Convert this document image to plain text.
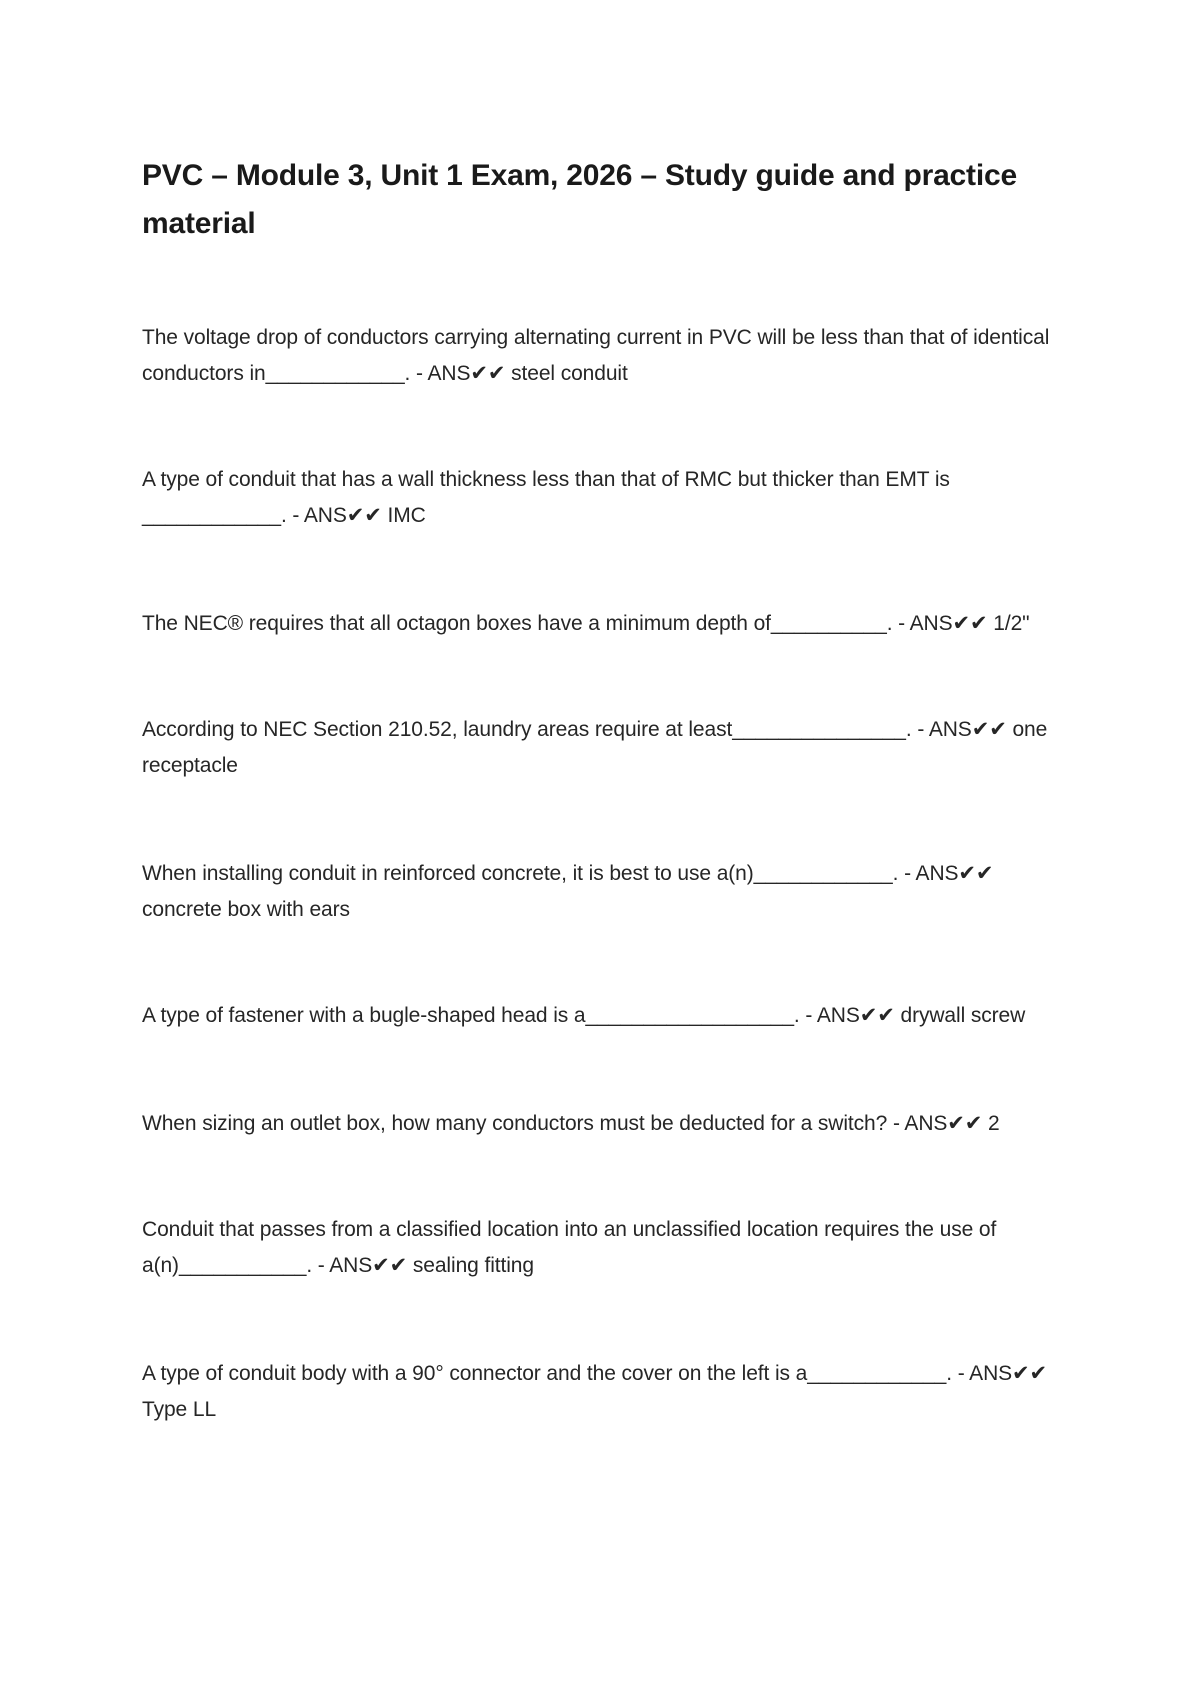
PVC – Module 3, Unit 1 Exam, 2026 – Study guide and practice material

The voltage drop of conductors carrying alternating current in PVC will be less than that of identical conductors in____________. - ANS✔✔ steel conduit

A type of conduit that has a wall thickness less than that of RMC but thicker than EMT is ____________. - ANS✔✔ IMC

The NEC® requires that all octagon boxes have a minimum depth of__________. - ANS✔✔ 1/2"

According to NEC Section 210.52, laundry areas require at least_______________. - ANS✔✔ one receptacle

When installing conduit in reinforced concrete, it is best to use a(n)____________. - ANS✔✔ concrete box with ears

A type of fastener with a bugle-shaped head is a__________________. - ANS✔✔ drywall screw

When sizing an outlet box, how many conductors must be deducted for a switch? - ANS✔✔ 2

Conduit that passes from a classified location into an unclassified location requires the use of a(n)___________. - ANS✔✔ sealing fitting

A type of conduit body with a 90° connector and the cover on the left is a____________. - ANS✔✔ Type LL
